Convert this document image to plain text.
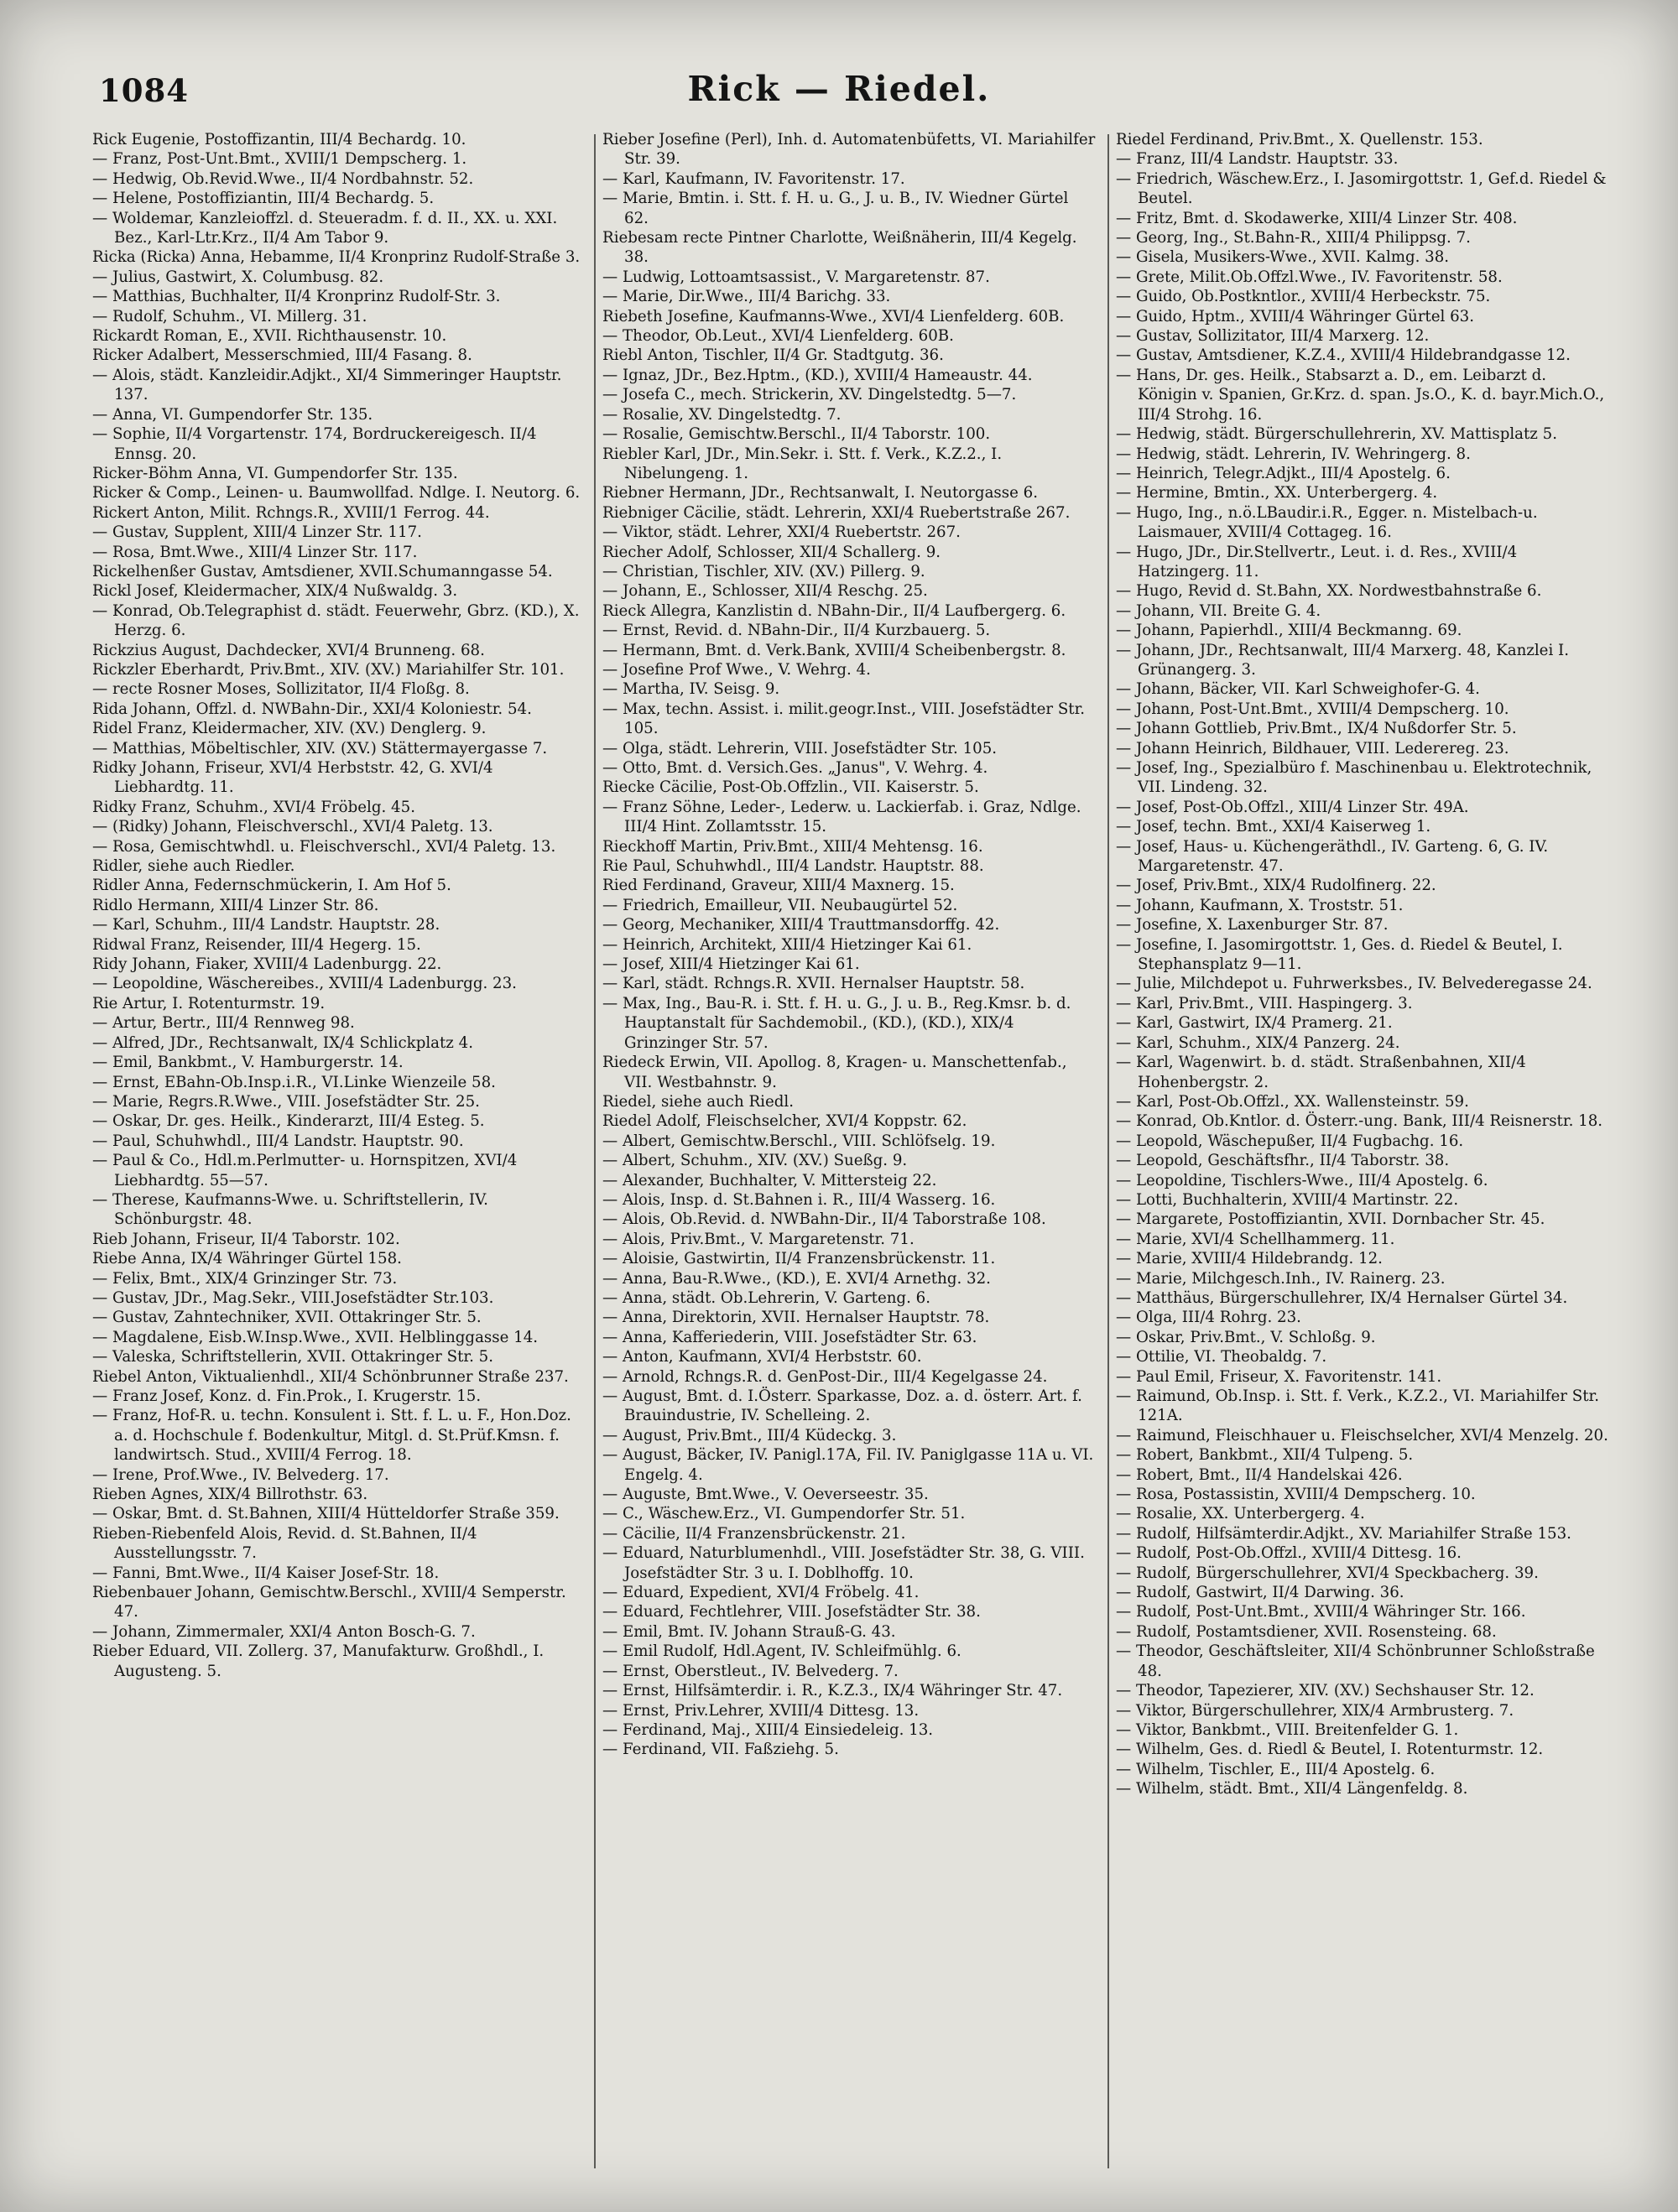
1084	Rick — Riedel.
Rick Eugenie, Postoffizantin, III/4 Bechardg. 10.
— Franz, Post-Unt.Bmt., XVIII/1 Dempscherg. 1.
— Hedwig, Ob.Revid.Wwe., II/4 Nordbahnstr. 52.
— Helene, Postoffiziantin, III/4 Bechardg. 5.
— Woldemar, Kanzleioffzl. d. Steueradm. f. d. II., XX. u. XXI. Bez., Karl-Ltr.Krz., II/4 Am Tabor 9.
Ricka (Ricka) Anna, Hebamme, II/4 Kronprinz Rudolf-Straße 3.
— Julius, Gastwirt, X. Columbusg. 82.
— Matthias, Buchhalter, II/4 Kronprinz Rudolf-Str. 3.
— Rudolf, Schuhm., VI. Millerg. 31.
Rickardt Roman, E., XVII. Richthausenstr. 10.
Ricker Adalbert, Messerschmied, III/4 Fasang. 8.
— Alois, städt. Kanzleidir.Adjkt., XI/4 Simmeringer Hauptstr. 137.
— Anna, VI. Gumpendorfer Str. 135.
— Sophie, II/4 Vorgartenstr. 174, Bordruckereigesch. II/4 Ennsg. 20.
Ricker-Böhm Anna, VI. Gumpendorfer Str. 135.
Ricker & Comp., Leinen- u. Baumwollfad. Ndlge. I. Neutorg. 6.
Rickert Anton, Milit. Rchngs.R., XVIII/1 Ferrog. 44.
— Gustav, Supplent, XIII/4 Linzer Str. 117.
— Rosa, Bmt.Wwe., XIII/4 Linzer Str. 117.
Rickelhenßer Gustav, Amtsdiener, XVII.Schumanngasse 54.
Rickl Josef, Kleidermacher, XIX/4 Nußwaldg. 3.
— Konrad, Ob.Telegraphist d. städt. Feuerwehr, Gbrz. (KD.), X. Herzg. 6.
Rickzius August, Dachdecker, XVI/4 Brunneng. 68.
Rickzler Eberhardt, Priv.Bmt., XIV. (XV.) Mariahilfer Str. 101.
— recte Rosner Moses, Sollizitator, II/4 Floßg. 8.
Rida Johann, Offzl. d. NWBahn-Dir., XXI/4 Koloniestr. 54.
Ridel Franz, Kleidermacher, XIV. (XV.) Denglerg. 9.
— Matthias, Möbeltischler, XIV. (XV.) Stättermayergasse 7.
Ridky Johann, Friseur, XVI/4 Herbststr. 42, G. XVI/4 Liebhardtg. 11.
Ridky Franz, Schuhm., XVI/4 Fröbelg. 45.
— (Ridky) Johann, Fleischverschl., XVI/4 Paletg. 13.
— Rosa, Gemischtwhdl. u. Fleischverschl., XVI/4 Paletg. 13.
Ridler, siehe auch Riedler.
Ridler Anna, Federnschmückerin, I. Am Hof 5.
Ridlo Hermann, XIII/4 Linzer Str. 86.
— Karl, Schuhm., III/4 Landstr. Hauptstr. 28.
Ridwal Franz, Reisender, III/4 Hegerg. 15.
Ridy Johann, Fiaker, XVIII/4 Ladenburgg. 22.
— Leopoldine, Wäschereibes., XVIII/4 Ladenburgg. 23.
Rie Artur, I. Rotenturmstr. 19.
— Artur, Bertr., III/4 Rennweg 98.
— Alfred, JDr., Rechtsanwalt, IX/4 Schlickplatz 4.
— Emil, Bankbmt., V. Hamburgerstr. 14.
— Ernst, EBahn-Ob.Insp.i.R., VI.Linke Wienzeile 58.
— Marie, Regrs.R.Wwe., VIII. Josefstädter Str. 25.
— Oskar, Dr. ges. Heilk., Kinderarzt, III/4 Esteg. 5.
— Paul, Schuhwhdl., III/4 Landstr. Hauptstr. 90.
— Paul & Co., Hdl.m.Perlmutter- u. Hornspitzen, XVI/4 Liebhardtg. 55—57.
— Therese, Kaufmanns-Wwe. u. Schriftstellerin, IV. Schönburgstr. 48.
Rieb Johann, Friseur, II/4 Taborstr. 102.
Riebe Anna, IX/4 Währinger Gürtel 158.
— Felix, Bmt., XIX/4 Grinzinger Str. 73.
— Gustav, JDr., Mag.Sekr., VIII.Josefstädter Str.103.
— Gustav, Zahntechniker, XVII. Ottakringer Str. 5.
— Magdalene, Eisb.W.Insp.Wwe., XVII. Helblinggasse 14.
— Valeska, Schriftstellerin, XVII. Ottakringer Str. 5.
Riebel Anton, Viktualienhdl., XII/4 Schönbrunner Straße 237.
— Franz Josef, Konz. d. Fin.Prok., I. Krugerstr. 15.
— Franz, Hof-R. u. techn. Konsulent i. Stt. f. L. u. F., Hon.Doz. a. d. Hochschule f. Bodenkultur, Mitgl. d. St.Prüf.Kmsn. f. landwirtsch. Stud., XVIII/4 Ferrog. 18.
— Irene, Prof.Wwe., IV. Belvederg. 17.
Rieben Agnes, XIX/4 Billrothstr. 63.
— Oskar, Bmt. d. St.Bahnen, XIII/4 Hütteldorfer Straße 359.
Rieben-Riebenfeld Alois, Revid. d. St.Bahnen, II/4 Ausstellungsstr. 7.
— Fanni, Bmt.Wwe., II/4 Kaiser Josef-Str. 18.
Riebenbauer Johann, Gemischtw.Berschl., XVIII/4 Semperstr. 47.
— Johann, Zimmermaler, XXI/4 Anton Bosch-G. 7.
Rieber Eduard, VII. Zollerg. 37, Manufakturw. Großhdl., I. Augusteng. 5.
Rieber Josefine (Perl), Inh. d. Automatenbüfetts, VI. Mariahilfer Str. 39.
— Karl, Kaufmann, IV. Favoritenstr. 17.
— Marie, Bmtin. i. Stt. f. H. u. G., J. u. B., IV. Wiedner Gürtel 62.
Riebesam recte Pintner Charlotte, Weißnäherin, III/4 Kegelg. 38.
— Ludwig, Lottoamtsassist., V. Margaretenstr. 87.
— Marie, Dir.Wwe., III/4 Barichg. 33.
Riebeth Josefine, Kaufmanns-Wwe., XVI/4 Lienfelderg. 60B.
— Theodor, Ob.Leut., XVI/4 Lienfelderg. 60B.
Riebl Anton, Tischler, II/4 Gr. Stadtgutg. 36.
— Ignaz, JDr., Bez.Hptm., (KD.), XVIII/4 Hameaustr. 44.
— Josefa C., mech. Strickerin, XV. Dingelstedtg. 5—7.
— Rosalie, XV. Dingelstedtg. 7.
— Rosalie, Gemischtw.Berschl., II/4 Taborstr. 100.
Riebler Karl, JDr., Min.Sekr. i. Stt. f. Verk., K.Z.2., I. Nibelungeng. 1.
Riebner Hermann, JDr., Rechtsanwalt, I. Neutorgasse 6.
Riebniger Cäcilie, städt. Lehrerin, XXI/4 Ruebertstraße 267.
— Viktor, städt. Lehrer, XXI/4 Ruebertstr. 267.
Riecher Adolf, Schlosser, XII/4 Schallerg. 9.
— Christian, Tischler, XIV. (XV.) Pillerg. 9.
— Johann, E., Schlosser, XII/4 Reschg. 25.
Rieck Allegra, Kanzlistin d. NBahn-Dir., II/4 Laufbergerg. 6.
— Ernst, Revid. d. NBahn-Dir., II/4 Kurzbauerg. 5.
— Hermann, Bmt. d. Verk.Bank, XVIII/4 Scheibenbergstr. 8.
— Josefine Prof Wwe., V. Wehrg. 4.
— Martha, IV. Seisg. 9.
— Max, techn. Assist. i. milit.geogr.Inst., VIII. Josefstädter Str. 105.
— Olga, städt. Lehrerin, VIII. Josefstädter Str. 105.
— Otto, Bmt. d. Versich.Ges. „Janus", V. Wehrg. 4.
Riecke Cäcilie, Post-Ob.Offzlin., VII. Kaiserstr. 5.
— Franz Söhne, Leder-, Lederw. u. Lackierfab. i. Graz, Ndlge. III/4 Hint. Zollamtsstr. 15.
Rieckhoff Martin, Priv.Bmt., XIII/4 Mehtensg. 16.
Rie Paul, Schuhwhdl., III/4 Landstr. Hauptstr. 88.
Ried Ferdinand, Graveur, XIII/4 Maxnerg. 15.
— Friedrich, Emailleur, VII. Neubaugürtel 52.
— Georg, Mechaniker, XIII/4 Trauttmansdorffg. 42.
— Heinrich, Architekt, XIII/4 Hietzinger Kai 61.
— Josef, XIII/4 Hietzinger Kai 61.
— Karl, städt. Rchngs.R. XVII. Hernalser Hauptstr. 58.
— Max, Ing., Bau-R. i. Stt. f. H. u. G., J. u. B., Reg.Kmsr. b. d. Hauptanstalt für Sachdemobil., (KD.), (KD.), XIX/4 Grinzinger Str. 57.
Riedeck Erwin, VII. Apollog. 8, Kragen- u. Manschettenfab., VII. Westbahnstr. 9.
Riedel, siehe auch Riedl.
Riedel Adolf, Fleischselcher, XVI/4 Koppstr. 62.
— Albert, Gemischtw.Berschl., VIII. Schlöfselg. 19.
— Albert, Schuhm., XIV. (XV.) Sueßg. 9.
— Alexander, Buchhalter, V. Mittersteig 22.
— Alois, Insp. d. St.Bahnen i. R., III/4 Wasserg. 16.
— Alois, Ob.Revid. d. NWBahn-Dir., II/4 Taborstraße 108.
— Alois, Priv.Bmt., V. Margaretenstr. 71.
— Aloisie, Gastwirtin, II/4 Franzensbrückenstr. 11.
— Anna, Bau-R.Wwe., (KD.), E. XVI/4 Arnethg. 32.
— Anna, städt. Ob.Lehrerin, V. Garteng. 6.
— Anna, Direktorin, XVII. Hernalser Hauptstr. 78.
— Anna, Kafferiederin, VIII. Josefstädter Str. 63.
— Anton, Kaufmann, XVI/4 Herbststr. 60.
— Arnold, Rchngs.R. d. GenPost-Dir., III/4 Kegelgasse 24.
— August, Bmt. d. I.Österr. Sparkasse, Doz. a. d. österr. Art. f. Brauindustrie, IV. Schelleing. 2.
— August, Priv.Bmt., III/4 Küdeckg. 3.
— August, Bäcker, IV. Panigl.17A, Fil. IV. Paniglgasse 11A u. VI. Engelg. 4.
— Auguste, Bmt.Wwe., V. Oeverseestr. 35.
— C., Wäschew.Erz., VI. Gumpendorfer Str. 51.
— Cäcilie, II/4 Franzensbrückenstr. 21.
— Eduard, Naturblumenhdl., VIII. Josefstädter Str. 38, G. VIII. Josefstädter Str. 3 u. I. Doblhoffg. 10.
— Eduard, Expedient, XVI/4 Fröbelg. 41.
— Eduard, Fechtlehrer, VIII. Josefstädter Str. 38.
— Emil, Bmt. IV. Johann Strauß-G. 43.
— Emil Rudolf, Hdl.Agent, IV. Schleifmühlg. 6.
— Ernst, Oberstleut., IV. Belvederg. 7.
— Ernst, Hilfsämterdir. i. R., K.Z.3., IX/4 Währinger Str. 47.
— Ernst, Priv.Lehrer, XVIII/4 Dittesg. 13.
— Ferdinand, Maj., XIII/4 Einsiedeleig. 13.
— Ferdinand, VII. Faßziehg. 5.
Riedel Ferdinand, Priv.Bmt., X. Quellenstr. 153.
— Franz, III/4 Landstr. Hauptstr. 33.
— Friedrich, Wäschew.Erz., I. Jasomirgottstr. 1, Gef.d. Riedel & Beutel.
— Fritz, Bmt. d. Skodawerke, XIII/4 Linzer Str. 408.
— Georg, Ing., St.Bahn-R., XIII/4 Philippsg. 7.
— Gisela, Musikers-Wwe., XVII. Kalmg. 38.
— Grete, Milit.Ob.Offzl.Wwe., IV. Favoritenstr. 58.
— Guido, Ob.Postkntlor., XVIII/4 Herbeckstr. 75.
— Guido, Hptm., XVIII/4 Währinger Gürtel 63.
— Gustav, Sollizitator, III/4 Marxerg. 12.
— Gustav, Amtsdiener, K.Z.4., XVIII/4 Hildebrandgasse 12.
— Hans, Dr. ges. Heilk., Stabsarzt a. D., em. Leibarzt d. Königin v. Spanien, Gr.Krz. d. span. Js.O., K. d. bayr.Mich.O., III/4 Strohg. 16.
— Hedwig, städt. Bürgerschullehrerin, XV. Mattisplatz 5.
— Hedwig, städt. Lehrerin, IV. Wehringerg. 8.
— Heinrich, Telegr.Adjkt., III/4 Apostelg. 6.
— Hermine, Bmtin., XX. Unterbergerg. 4.
— Hugo, Ing., n.ö.LBaudir.i.R., Egger. n. Mistelbach-u. Laismauer, XVIII/4 Cottageg. 16.
— Hugo, JDr., Dir.Stellvertr., Leut. i. d. Res., XVIII/4 Hatzingerg. 11.
— Hugo, Revid d. St.Bahn, XX. Nordwestbahnstraße 6.
— Johann, VII. Breite G. 4.
— Johann, Papierhdl., XIII/4 Beckmanng. 69.
— Johann, JDr., Rechtsanwalt, III/4 Marxerg. 48, Kanzlei I. Grünangerg. 3.
— Johann, Bäcker, VII. Karl Schweighofer-G. 4.
— Johann, Post-Unt.Bmt., XVIII/4 Dempscherg. 10.
— Johann Gottlieb, Priv.Bmt., IX/4 Nußdorfer Str. 5.
— Johann Heinrich, Bildhauer, VIII. Lederereg. 23.
— Josef, Ing., Spezialbüro f. Maschinenbau u. Elektrotechnik, VII. Lindeng. 32.
— Josef, Post-Ob.Offzl., XIII/4 Linzer Str. 49A.
— Josef, techn. Bmt., XXI/4 Kaiserweg 1.
— Josef, Haus- u. Küchengeräthdl., IV. Garteng. 6, G. IV. Margaretenstr. 47.
— Josef, Priv.Bmt., XIX/4 Rudolfinerg. 22.
— Johann, Kaufmann, X. Troststr. 51.
— Josefine, X. Laxenburger Str. 87.
— Josefine, I. Jasomirgottstr. 1, Ges. d. Riedel & Beutel, I. Stephansplatz 9—11.
— Julie, Milchdepot u. Fuhrwerksbes., IV. Belvederegasse 24.
— Karl, Priv.Bmt., VIII. Haspingerg. 3.
— Karl, Gastwirt, IX/4 Pramerg. 21.
— Karl, Schuhm., XIX/4 Panzerg. 24.
— Karl, Wagenwirt. b. d. städt. Straßenbahnen, XII/4 Hohenbergstr. 2.
— Karl, Post-Ob.Offzl., XX. Wallensteinstr. 59.
— Konrad, Ob.Kntlor. d. Österr.-ung. Bank, III/4 Reisnerstr. 18.
— Leopold, Wäschepußer, II/4 Fugbachg. 16.
— Leopold, Geschäftsfhr., II/4 Taborstr. 38.
— Leopoldine, Tischlers-Wwe., III/4 Apostelg. 6.
— Lotti, Buchhalterin, XVIII/4 Martinstr. 22.
— Margarete, Postoffiziantin, XVII. Dornbacher Str. 45.
— Marie, XVI/4 Schellhammerg. 11.
— Marie, XVIII/4 Hildebrandg. 12.
— Marie, Milchgesch.Inh., IV. Rainerg. 23.
— Matthäus, Bürgerschullehrer, IX/4 Hernalser Gürtel 34.
— Olga, III/4 Rohrg. 23.
— Oskar, Priv.Bmt., V. Schloßg. 9.
— Ottilie, VI. Theobaldg. 7.
— Paul Emil, Friseur, X. Favoritenstr. 141.
— Raimund, Ob.Insp. i. Stt. f. Verk., K.Z.2., VI. Mariahilfer Str. 121A.
— Raimund, Fleischhauer u. Fleischselcher, XVI/4 Menzelg. 20.
— Robert, Bankbmt., XII/4 Tulpeng. 5.
— Robert, Bmt., II/4 Handelskai 426.
— Rosa, Postassistin, XVIII/4 Dempscherg. 10.
— Rosalie, XX. Unterbergerg. 4.
— Rudolf, Hilfsämterdir.Adjkt., XV. Mariahilfer Straße 153.
— Rudolf, Post-Ob.Offzl., XVIII/4 Dittesg. 16.
— Rudolf, Bürgerschullehrer, XVI/4 Speckbacherg. 39.
— Rudolf, Gastwirt, II/4 Darwing. 36.
— Rudolf, Post-Unt.Bmt., XVIII/4 Währinger Str. 166.
— Rudolf, Postamtsdiener, XVII. Rosensteing. 68.
— Theodor, Geschäftsleiter, XII/4 Schönbrunner Schloßstraße 48.
— Theodor, Tapezierer, XIV. (XV.) Sechshauser Str. 12.
— Viktor, Bürgerschullehrer, XIX/4 Armbrusterg. 7.
— Viktor, Bankbmt., VIII. Breitenfelder G. 1.
— Wilhelm, Ges. d. Riedl & Beutel, I. Rotenturmstr. 12.
— Wilhelm, Tischler, E., III/4 Apostelg. 6.
— Wilhelm, städt. Bmt., XII/4 Längenfeldg. 8.
